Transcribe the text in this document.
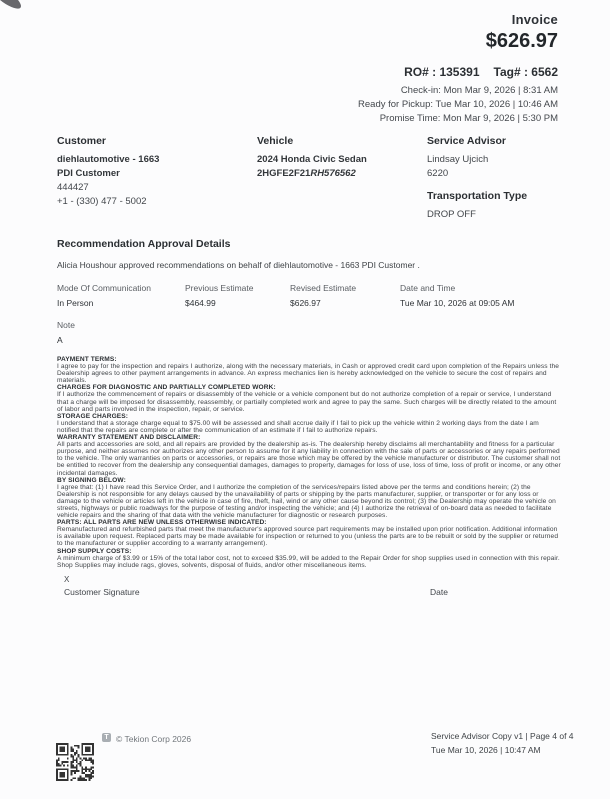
Invoice
$626.97
RO# : 135391 Tag# : 6562
Check-in: Mon Mar 9, 2026 | 8:31 AM
Ready for Pickup: Tue Mar 10, 2026 | 10:46 AM
Promise Time: Mon Mar 9, 2026 | 5:30 PM
Customer
diehlautomotive - 1663
PDI Customer
444427
+1 - (330) 477 - 5002
Vehicle
2024 Honda Civic Sedan
2HGFE2F21RH576562
Service Advisor
Lindsay Ujcich
6220
Transportation Type
DROP OFF
Recommendation Approval Details
Alicia Houshour approved recommendations on behalf of diehlautomotive - 1663 PDI Customer .
Mode Of Communication	Previous Estimate	Revised Estimate	Date and Time
In Person	$464.99	$626.97	Tue Mar 10, 2026 at 09:05 AM
Note
A
PAYMENT TERMS:
I agree to pay for the inspection and repairs I authorize, along with the necessary materials, in Cash or approved credit card upon completion of the Repairs unless the Dealership agrees to other payment arrangements in advance. An express mechanics lien is hereby acknowledged on the vehicle to secure the cost of repairs and materials.
CHARGES FOR DIAGNOSTIC AND PARTIALLY COMPLETED WORK:
If I authorize the commencement of repairs or disassembly of the vehicle or a vehicle component but do not authorize completion of a repair or service, I understand that a charge will be imposed for disassembly, reassembly, or partially completed work and agree to pay the same. Such charges will be directly related to the amount of labor and parts involved in the inspection, repair, or service.
STORAGE CHARGES:
I understand that a storage charge equal to $75.00 will be assessed and shall accrue daily if I fail to pick up the vehicle within 2 working days from the date I am notified that the repairs are complete or after the communication of an estimate if I fail to authorize repairs.
WARRANTY STATEMENT AND DISCLAIMER:
All parts and accessories are sold, and all repairs are provided by the dealership as-is. The dealership hereby disclaims all merchantability and fitness for a particular purpose, and neither assumes nor authorizes any other person to assume for it any liability in connection with the sale of parts or accessories or any repairs performed to the vehicle. The only warranties on parts or accessories, or repairs are those which may be offered by the vehicle manufacturer or distributor. The customer shall not be entitled to recover from the dealership any consequential damages, damages to property, damages for loss of use, loss of time, loss of profit or income, or any other incidental damages.
BY SIGNING BELOW:
I agree that: (1) I have read this Service Order, and I authorize the completion of the services/repairs listed above per the terms and conditions herein; (2) the Dealership is not responsible for any delays caused by the unavailability of parts or shipping by the parts manufacturer, supplier, or transporter or for any loss or damage to the vehicle or articles left in the vehicle in case of fire, theft, hail, wind or any other cause beyond its control; (3) the Dealership may operate the vehicle on streets, highways or public roadways for the purpose of testing and/or inspecting the vehicle; and (4) I authorize the retrieval of on-board data as needed to facilitate vehicle repairs and the sharing of that data with the vehicle manufacturer for diagnostic or research purposes.
PARTS: ALL PARTS ARE NEW UNLESS OTHERWISE INDICATED:
Remanufactured and refurbished parts that meet the manufacturer's approved source part requirements may be installed upon prior notification. Additional information is available upon request. Replaced parts may be made available for inspection or returned to you (unless the parts are to be rebuilt or sold by the supplier or returned to the manufacturer or supplier according to a warranty arrangement).
SHOP SUPPLY COSTS:
A minimum charge of $3.99 or 15% of the total labor cost, not to exceed $35.99, will be added to the Repair Order for shop supplies used in connection with this repair. Shop Supplies may include rags, gloves, solvents, disposal of fluids, and/or other miscellaneous items.
X
Customer Signature	Date
T © Tekion Corp 2026	Service Advisor Copy v1 | Page 4 of 4
Tue Mar 10, 2026 | 10:47 AM
